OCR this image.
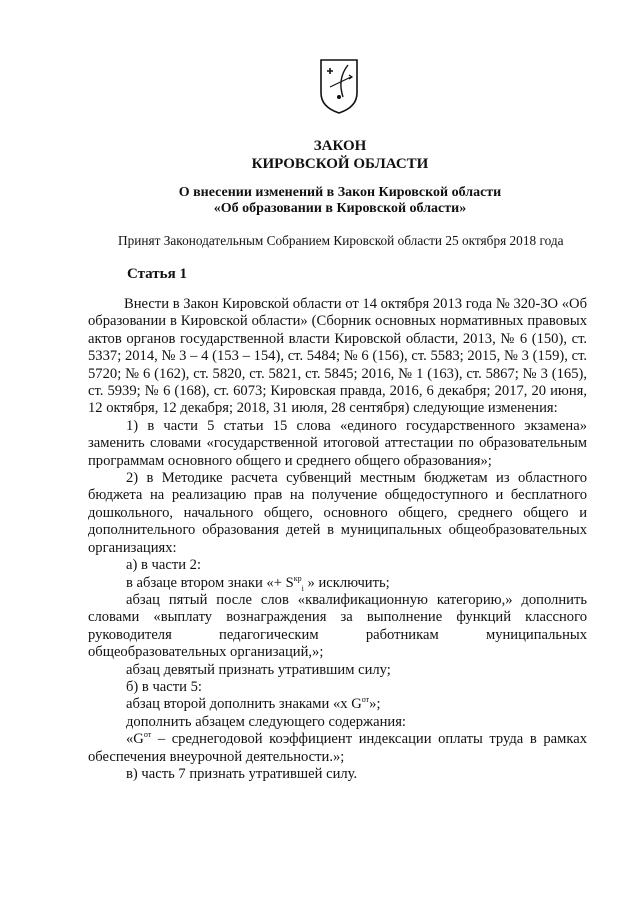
ЗАКОН
КИРОВСКОЙ ОБЛАСТИ
О внесении изменений в Закон Кировской области
«Об образовании в Кировской области»
Принят Законодательным Собранием Кировской области 25 октября 2018 года
Статья 1

Внести в Закон Кировской области от 14 октября 2013 года № 320-ЗО «Об образовании в Кировской области» (Сборник основных нормативных правовых актов органов государственной власти Кировской области, 2013, № 6 (150), ст. 5337; 2014, № 3 – 4 (153 – 154), ст. 5484; № 6 (156), ст. 5583; 2015, № 3 (159), ст. 5720; № 6 (162), ст. 5820, ст. 5821, ст. 5845; 2016, № 1 (163), ст. 5867; № 3 (165), ст. 5939; № 6 (168), ст. 6073; Кировская правда, 2016, 6 декабря; 2017, 20 июня, 12 октября, 12 декабря; 2018, 31 июля, 28 сентября) следующие изменения:

1) в части 5 статьи 15 слова «единого государственного экзамена» заменить словами «государственной итоговой аттестации по образовательным программам основного общего и среднего общего образования»;

2) в Методике расчета субвенций местным бюджетам из областного бюджета на реализацию прав на получение общедоступного и бесплатного дошкольного, начального общего, основного общего, среднего общего и дополнительного образования детей в муниципальных общеобразовательных организациях:

а) в части 2:

в абзаце втором знаки «+ $S^{кр}_i$ » исключить;

абзац пятый после слов «квалификационную категорию,» дополнить словами «выплату вознаграждения за выполнение функций классного руководителя педагогическим работникам муниципальных общеобразовательных организаций,»;

абзац девятый признать утратившим силу;

б) в части 5:

абзац второй дополнить знаками «x $G^{от}$»;

дополнить абзацем следующего содержания:

«$G^{от}$ – среднегодовой коэффициент индексации оплаты труда в рамках обеспечения внеурочной деятельности.»;

в) часть 7 признать утратившей силу.
